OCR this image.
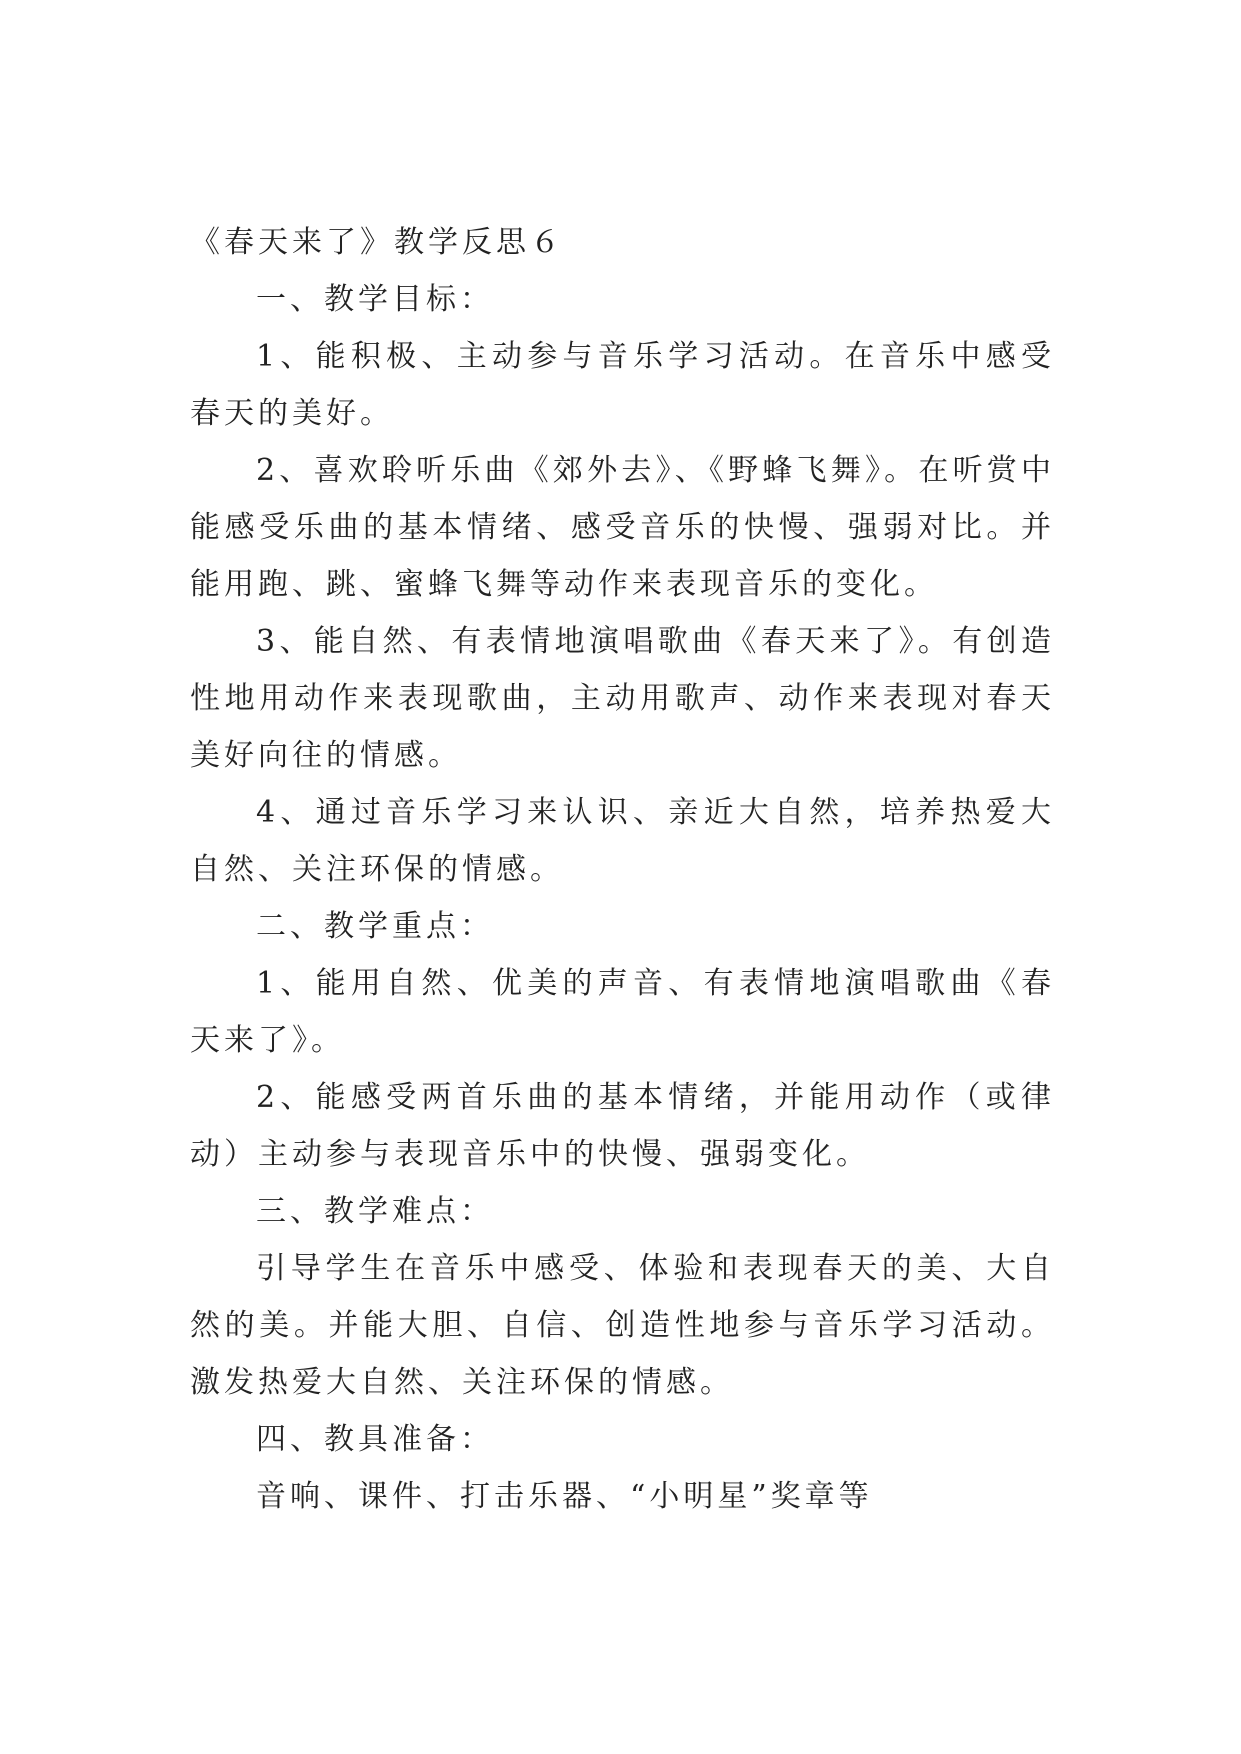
《春天来了》教学反思６

一、教学目标：

1、能积极、主动参与音乐学习活动。在音乐中感受春天的美好。

2、喜欢聆听乐曲《郊外去》、《野蜂飞舞》。在听赏中能感受乐曲的基本情绪、感受音乐的快慢、强弱对比。并能用跑、跳、蜜蜂飞舞等动作来表现音乐的变化。

3、能自然、有表情地演唱歌曲《春天来了》。有创造性地用动作来表现歌曲，主动用歌声、动作来表现对春天美好向往的情感。

4、通过音乐学习来认识、亲近大自然，培养热爱大自然、关注环保的情感。

二、教学重点：

1、能用自然、优美的声音、有表情地演唱歌曲《春天来了》。

2、能感受两首乐曲的基本情绪，并能用动作（或律动）主动参与表现音乐中的快慢、强弱变化。

三、教学难点：

引导学生在音乐中感受、体验和表现春天的美、大自然的美。并能大胆、自信、创造性地参与音乐学习活动。激发热爱大自然、关注环保的情感。

四、教具准备：

音响、课件、打击乐器、“小明星”奖章等
